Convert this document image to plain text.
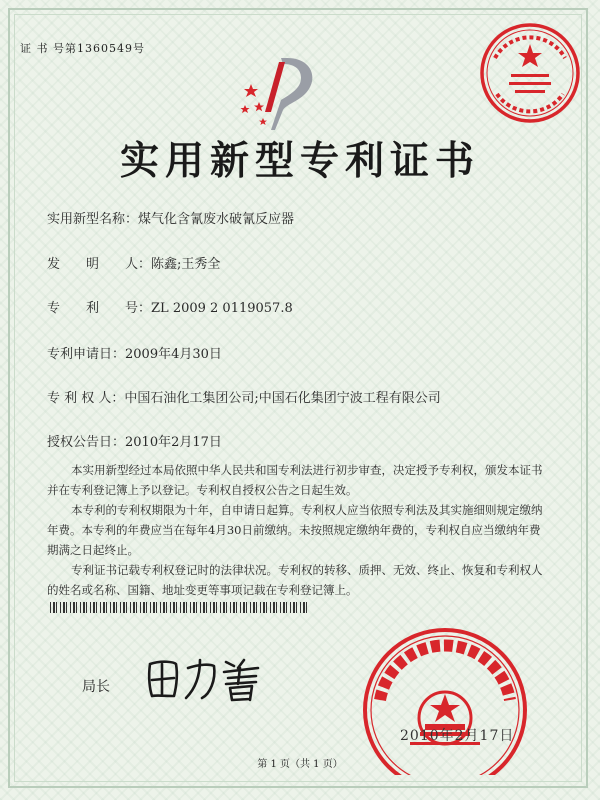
证 书 号第1360549号
实用新型专利证书
实用新型名称：煤气化含氰废水破氰反应器
发　　明　　人：陈鑫;王秀全
专　　利　　号：ZL 2009 2 0119057.8
专利申请日：2009年4月30日
专 利 权 人：中国石油化工集团公司;中国石化集团宁波工程有限公司
授权公告日：2010年2月17日
本实用新型经过本局依照中华人民共和国专利法进行初步审查，决定授予专利权，颁发本证书并在专利登记簿上予以登记。专利权自授权公告之日起生效。
本专利的专利权期限为十年，自申请日起算。专利权人应当依照专利法及其实施细则规定缴纳年费。本专利的年费应当在每年4月30日前缴纳。未按照规定缴纳年费的，专利权自应当缴纳年费期满之日起终止。
专利证书记载专利权登记时的法律状况。专利权的转移、质押、无效、终止、恢复和专利权人的姓名或名称、国籍、地址变更等事项记载在专利登记簿上。
局长
2010年2月17日
第 1 页（共 1 页）
